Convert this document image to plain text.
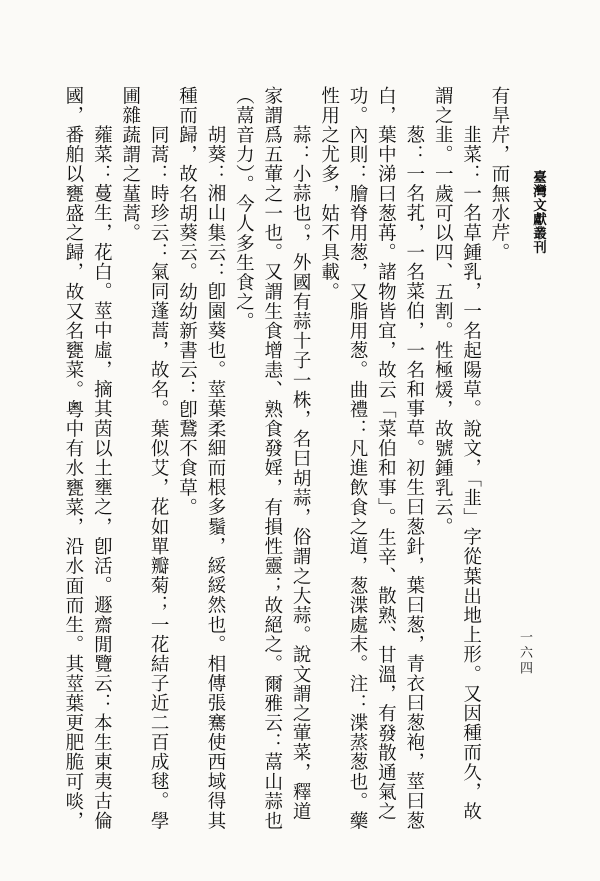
臺灣文獻叢刊
一六四

有旱芹，而無水芹。

韭菜：一名草鍾乳，一名起陽草。說文，「韭」字從葉出地上形。又因種而久，故

謂之韭。一歲可以四、五割。性極煖，故號鍾乳云。

葱：一名芤，一名菜伯，一名和事草。初生曰葱針，葉曰葱，青衣曰葱袍，莖曰葱

白，葉中涕曰葱苒。諸物皆宜，故云「菜伯和事」。生辛、散熟、甘溫，有發散通氣之

功。內則：膾脊用葱，又脂用葱。曲禮：凡進飲食之道，葱渫處末。注：渫蒸葱也。藥

性用之尤多，姑不具載。

蒜：小蒜也。，外國有蒜十子一株，名曰胡蒜，俗謂之大蒜。說文謂之葷菜，釋道

家謂爲五葷之一也。又謂生食增恚、熟食發婬，有損性靈；故絕之。爾雅云：蒚山蒜也

（蒚音力）。今人多生食之。

胡葵：湘山集云：卽園葵也。莖葉柔細而根多鬚，綏綏然也。相傳張騫使西域得其

種而歸，故名胡葵云。幼幼新書云：卽鵞不食草。

同蒿：時珍云：氣同蓬蒿，故名。葉似艾，花如單瓣菊；一花結子近二百成毬。學

圃雜蔬謂之蓳蒿。

蕹菜：蔓生，花白。莖中虛，摘其茵以土壅之，卽活。遯齋閒覽云：本生東夷古倫

國，番舶以甕盛之歸，故又名甕菜。粵中有水甕菜，沿水面而生。其莖葉更肥脆可啖，
